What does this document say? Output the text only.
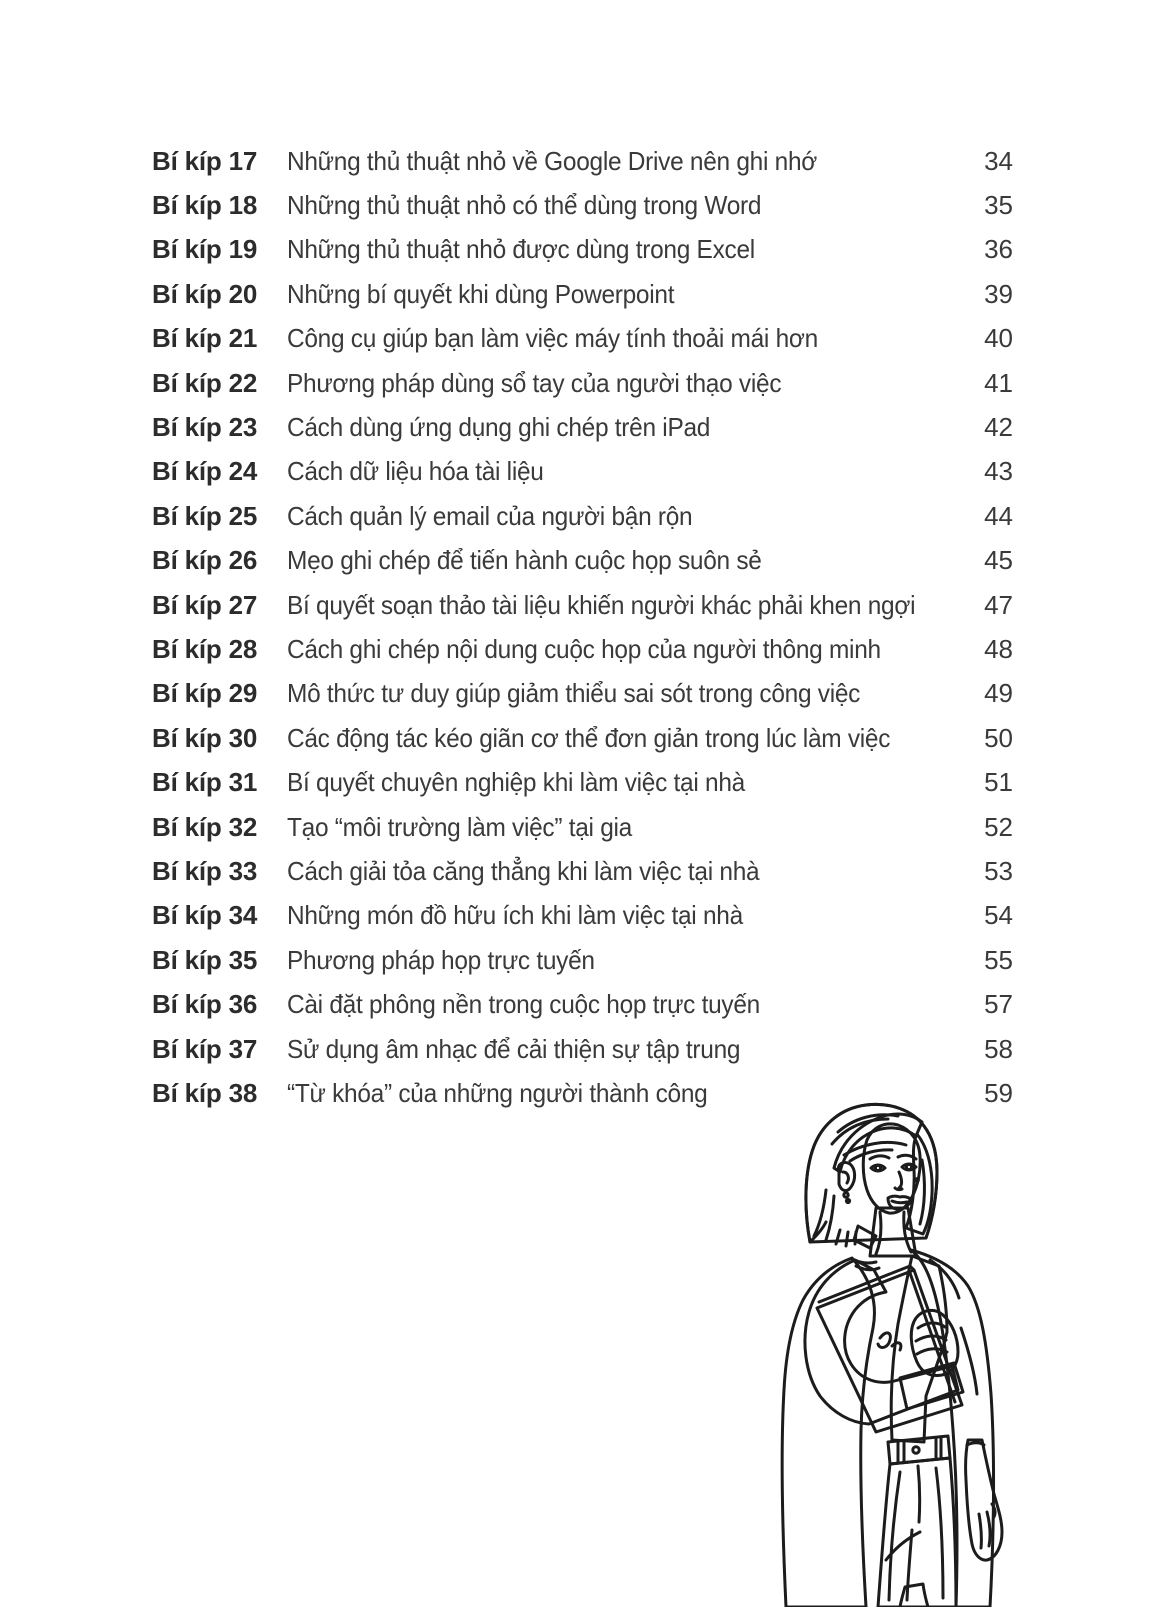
Bí kíp 17	Những thủ thuật nhỏ về Google Drive nên ghi nhớ	34
Bí kíp 18	Những thủ thuật nhỏ có thể dùng trong Word	35
Bí kíp 19	Những thủ thuật nhỏ được dùng trong Excel	36
Bí kíp 20	Những bí quyết khi dùng Powerpoint	39
Bí kíp 21	Công cụ giúp bạn làm việc máy tính thoải mái hơn	40
Bí kíp 22	Phương pháp dùng sổ tay của người thạo việc	41
Bí kíp 23	Cách dùng ứng dụng ghi chép trên iPad	42
Bí kíp 24	Cách dữ liệu hóa tài liệu	43
Bí kíp 25	Cách quản lý email của người bận rộn	44
Bí kíp 26	Mẹo ghi chép để tiến hành cuộc họp suôn sẻ	45
Bí kíp 27	Bí quyết soạn thảo tài liệu khiến người khác phải khen ngợi	47
Bí kíp 28	Cách ghi chép nội dung cuộc họp của người thông minh	48
Bí kíp 29	Mô thức tư duy giúp giảm thiểu sai sót trong công việc	49
Bí kíp 30	Các động tác kéo giãn cơ thể đơn giản trong lúc làm việc	50
Bí kíp 31	Bí quyết chuyên nghiệp khi làm việc tại nhà	51
Bí kíp 32	Tạo “môi trường làm việc” tại gia	52
Bí kíp 33	Cách giải tỏa căng thẳng khi làm việc tại nhà	53
Bí kíp 34	Những món đồ hữu ích khi làm việc tại nhà	54
Bí kíp 35	Phương pháp họp trực tuyến	55
Bí kíp 36	Cài đặt phông nền trong cuộc họp trực tuyến	57
Bí kíp 37	Sử dụng âm nhạc để cải thiện sự tập trung	58
Bí kíp 38	“Từ khóa” của những người thành công	59
